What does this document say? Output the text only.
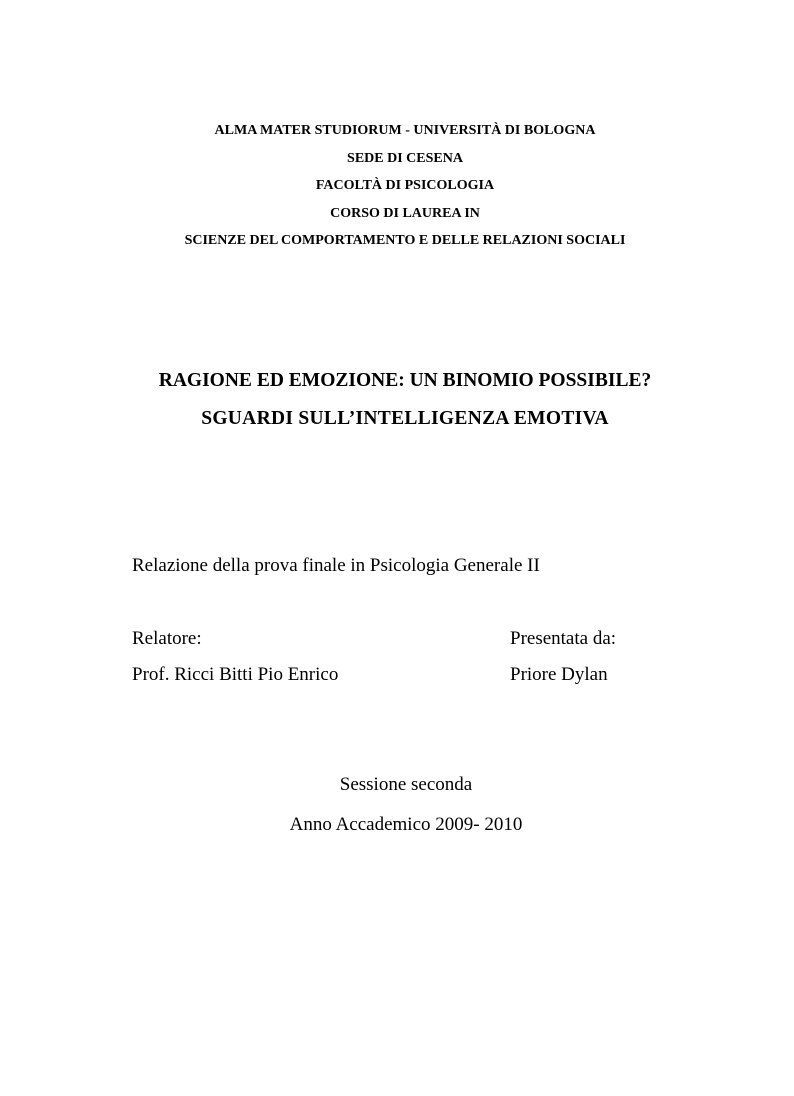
ALMA MATER STUDIORUM - UNIVERSITÀ DI BOLOGNA
SEDE DI CESENA
FACOLTÀ DI PSICOLOGIA
CORSO DI LAUREA IN
SCIENZE DEL COMPORTAMENTO E DELLE RELAZIONI SOCIALI
RAGIONE ED EMOZIONE: UN BINOMIO POSSIBILE?
SGUARDI SULL’INTELLIGENZA EMOTIVA
Relazione della prova finale in Psicologia Generale II
Relatore:
Prof. Ricci Bitti Pio Enrico
Presentata da:
Priore Dylan
Sessione seconda
Anno Accademico 2009- 2010
